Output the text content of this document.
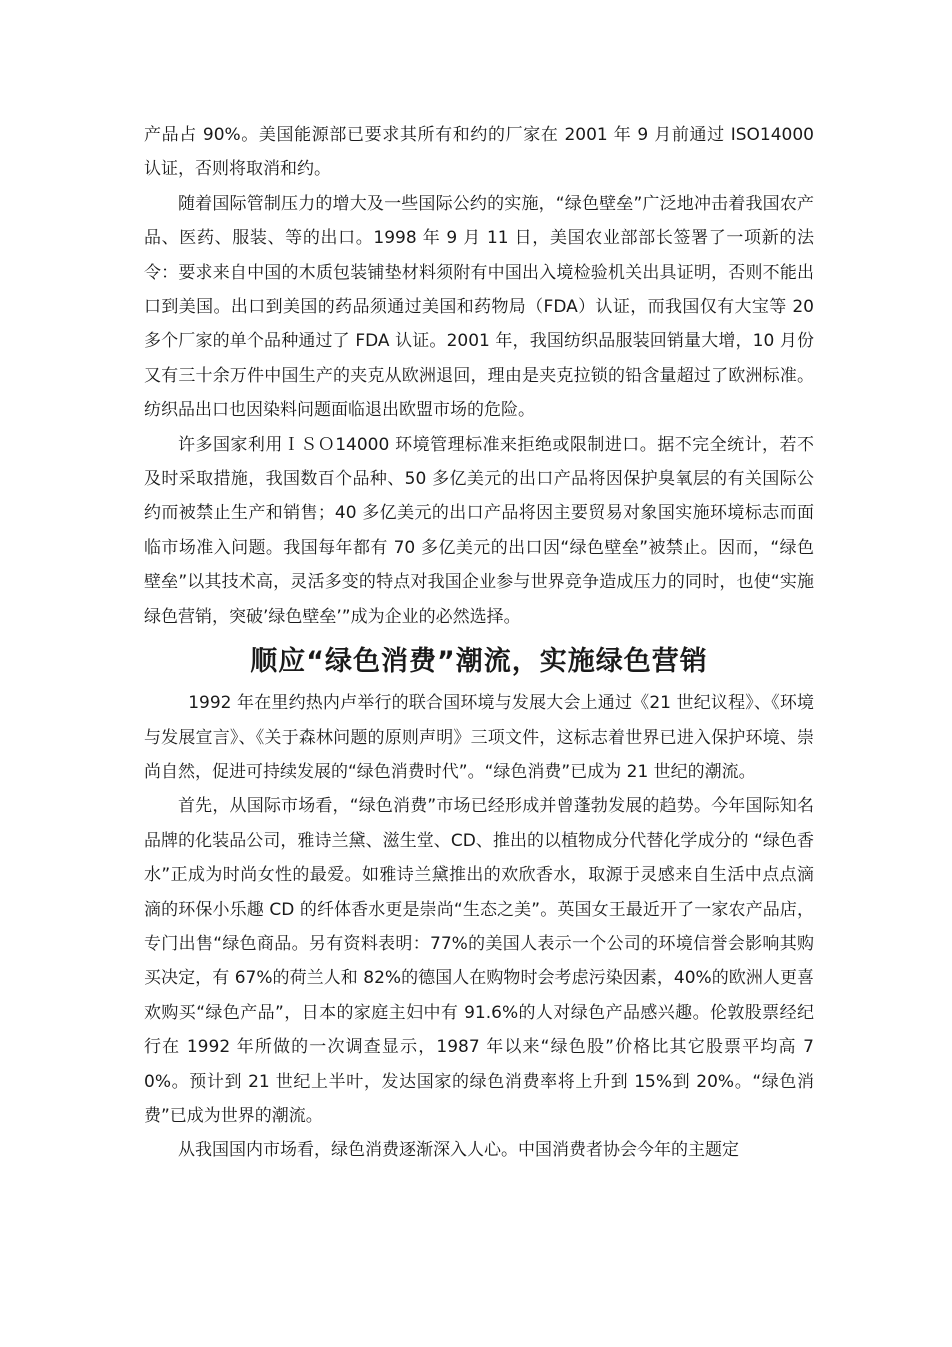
产品占 90%。美国能源部已要求其所有和约的厂家在 2001 年 9 月前通过 ISO14000 认证，否则将取消和约。

随着国际管制压力的增大及一些国际公约的实施，“绿色壁垒”广泛地冲击着我国农产品、医药、服装、等的出口。1998 年 9 月 11 日，美国农业部部长签署了一项新的法令：要求来自中国的木质包装铺垫材料须附有中国出入境检验机关出具证明，否则不能出口到美国。出口到美国的药品须通过美国和药物局（FDA）认证，而我国仅有大宝等 20 多个厂家的单个品种通过了 FDA 认证。2001 年，我国纺织品服装回销量大增，10 月份又有三十余万件中国生产的夹克从欧洲退回，理由是夹克拉锁的铅含量超过了欧洲标准。纺织品出口也因染料问题面临退出欧盟市场的危险。

许多国家利用ＩＳＯ14000 环境管理标准来拒绝或限制进口。据不完全统计，若不及时采取措施，我国数百个品种、50 多亿美元的出口产品将因保护臭氧层的有关国际公约而被禁止生产和销售；40 多亿美元的出口产品将因主要贸易对象国实施环境标志而面临市场准入问题。我国每年都有 70 多亿美元的出口因“绿色壁垒”被禁止。因而，“绿色壁垒”以其技术高，灵活多变的特点对我国企业参与世界竞争造成压力的同时，也使“实施绿色营销，突破’绿色壁垒’”成为企业的必然选择。

顺应“绿色消费”潮流，实施绿色营销

1992 年在里约热内卢举行的联合国环境与发展大会上通过《21 世纪议程》、《环境与发展宣言》、《关于森林问题的原则声明》三项文件，这标志着世界已进入保护环境、崇尚自然，促进可持续发展的“绿色消费时代”。“绿色消费”已成为 21 世纪的潮流。

首先，从国际市场看，“绿色消费”市场已经形成并曾蓬勃发展的趋势。今年国际知名品牌的化装品公司，雅诗兰黛、滋生堂、CD、推出的以植物成分代替化学成分的 “绿色香水”正成为时尚女性的最爱。如雅诗兰黛推出的欢欣香水，取源于灵感来自生活中点点滴滴的环保小乐趣 CD 的纤体香水更是崇尚“生态之美”。英国女王最近开了一家农产品店，专门出售“绿色商品。另有资料表明：77%的美国人表示一个公司的环境信誉会影响其购买决定，有 67%的荷兰人和 82%的德国人在购物时会考虑污染因素，40%的欧洲人更喜欢购买“绿色产品”，日本的家庭主妇中有 91.6%的人对绿色产品感兴趣。伦敦股票经纪行在 1992 年所做的一次调查显示，1987 年以来“绿色股”价格比其它股票平均高 70%。预计到 21 世纪上半叶，发达国家的绿色消费率将上升到 15%到 20%。“绿色消费”已成为世界的潮流。

从我国国内市场看，绿色消费逐渐深入人心。中国消费者协会今年的主题定
